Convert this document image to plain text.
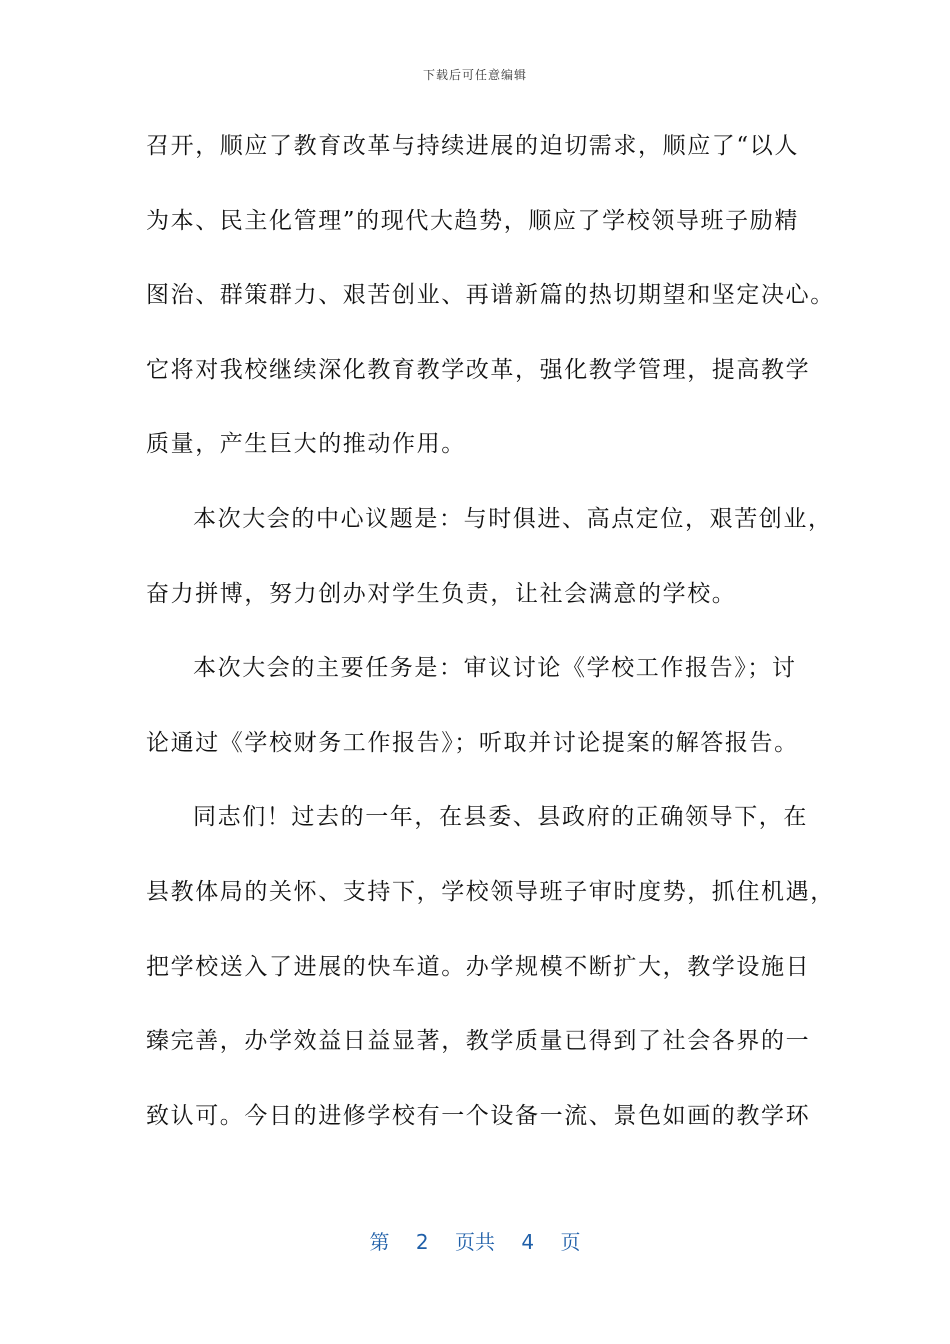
下载后可任意编辑
召开，顺应了教育改革与持续进展的迫切需求，顺应了“以人
为本、民主化管理”的现代大趋势，顺应了学校领导班子励精
图治、群策群力、艰苦创业、再谱新篇的热切期望和坚定决心。
它将对我校继续深化教育教学改革，强化教学管理，提高教学
质量，产生巨大的推动作用。
本次大会的中心议题是：与时俱进、高点定位，艰苦创业，
奋力拼博，努力创办对学生负责，让社会满意的学校。
本次大会的主要任务是：审议讨论《学校工作报告》；讨
论通过《学校财务工作报告》；听取并讨论提案的解答报告。
同志们！过去的一年，在县委、县政府的正确领导下，在
县教体局的关怀、支持下，学校领导班子审时度势，抓住机遇，
把学校送入了进展的快车道。办学规模不断扩大，教学设施日
臻完善，办学效益日益显著，教学质量已得到了社会各界的一
致认可。今日的进修学校有一个设备一流、景色如画的教学环
第 2 页共 4 页
